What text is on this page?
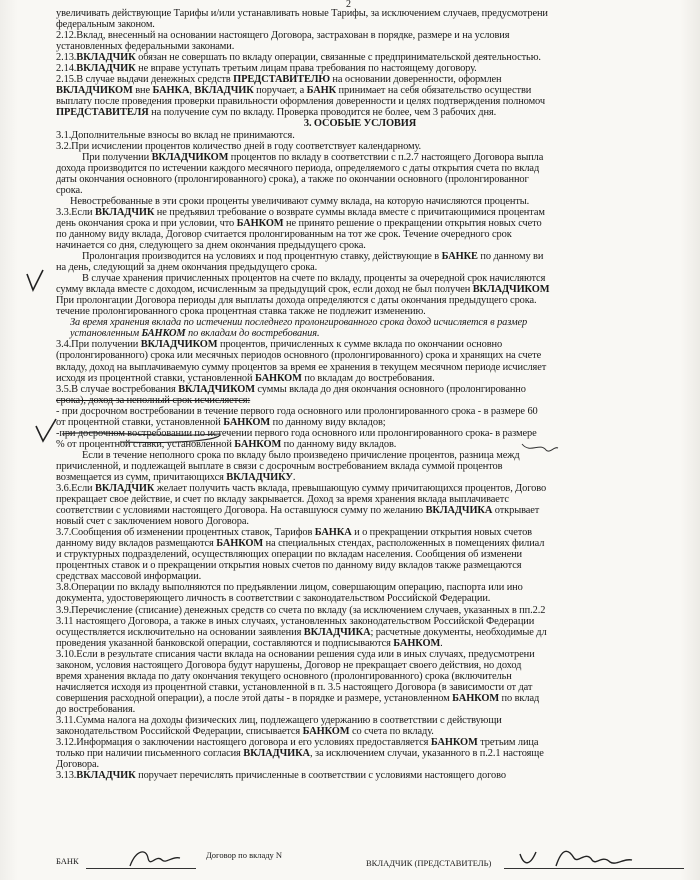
2
увеличивать действующие Тарифы и/или устанавливать новые Тарифы, за исключением случаев, предусмотрени
федеральным законом.
2.12.Вклад, внесенный на основании настоящего Договора, застрахован в порядке, размере и на условия
установленных федеральными законами.
2.13.ВКЛАДЧИК обязан не совершать по вкладу операции, связанные с предпринимательской деятельностью.
2.14.ВКЛАДЧИК не вправе уступать третьим лицам права требования по настоящему договору.
2.15.В случае выдачи денежных средств ПРЕДСТАВИТЕЛЮ на основании доверенности, оформлен
ВКЛАДЧИКОМ вне БАНКА, ВКЛАДЧИК поручает, а БАНК принимает на себя обязательство осуществи
выплату после проведения проверки правильности оформления доверенности и целях подтверждения полномоч
ПРЕДСТАВИТЕЛЯ на получение сум по вкладу. Проверка проводится не более, чем 3 рабочих дня.
3. ОСОБЫЕ УСЛОВИЯ
3.1.Дополнительные взносы во вклад не принимаются.
3.2.При исчислении процентов количество дней в году соответствует календарному.
При получении ВКЛАДЧИКОМ процентов по вкладу в соответствии с п.2.7 настоящего Договора выпла
дохода производится по истечении каждого месячного периода, определяемого с даты открытия счета по вклад
даты окончания основного (пролонгированного) срока), а также по окончании основного (пролонгированног
срока.
Невостребованные в эти сроки проценты увеличивают сумму вклада, на которую начисляются проценты.
3.3.Если ВКЛАДЧИК не предъявил требование о возврате суммы вклада вместе с причитающимися процентам
день окончания срока и при условии, что БАНКОМ не принято решение о прекращении открытия новых счето
по данному виду вклада, Договор считается пролонгированным на тот же срок. Течение очередного срок
начинается со дня, следующего за днем окончания предыдущего срока.
Пролонгация производится на условиях и под процентную ставку, действующие в БАНКЕ по данному ви
на день, следующий за днем окончания предыдущего срока.
В случае хранения причисленных процентов на счете по вкладу, проценты за очередной срок начисляются
сумму вклада вместе с доходом, исчисленным за предыдущий срок, если доход не был получен ВКЛАДЧИКОМ
При пролонгации Договора периоды для выплаты дохода определяются с даты окончания предыдущего срока.
течение пролонгированного срока процентная ставка также не подлежит изменению.
За время хранения вклада по истечении последнего пролонгированного срока доход исчисляется в размер
установленным БАНКОМ по вкладам до востребования.
3.4.При получении ВКЛАДЧИКОМ процентов, причисленных к сумме вклада по окончании основно
(пролонгированного) срока или месячных периодов основного (пролонгированного) срока и хранящих на счете
вкладу, доход на выплачиваемую сумму процентов за время ее хранения в текущем месячном периоде исчисляет
исходя из процентной ставки, установленной БАНКОМ по вкладам до востребования.
3.5.В случае востребования ВКЛАДЧИКОМ суммы вклада до дня окончания основного (пролонгированно
срока), доход за неполный срок исчисляется:
- при досрочном востребовании в течение первого года основного или пролонгированного срока - в размере 60
от процентной ставки, установленной БАНКОМ по данному виду вкладов;
-при досрочном востребовании по истечении первого года основного или пролонгированного срока- в размере
% от процентной ставки, установленной БАНКОМ по данному виду вкладов.
Если в течение неполного срока по вкладу было произведено причисление процентов, разница межд
причисленной, и подлежащей выплате в связи с досрочным востребованием вклада суммой процентов
возмещается из сумм, причитающихся ВКЛАДЧИКУ.
3.6.Если ВКЛАДЧИК желает получить часть вклада, превышающую сумму причитающихся процентов, Догово
прекращает свое действие, и счет по вкладу закрывается. Доход за время хранения вклада выплачиваетс
соответствии с условиями настоящего Договора. На оставшуюся сумму по желанию ВКЛАДЧИКА открывает
новый счет с заключением нового Договора.
3.7.Сообщения об изменении процентных ставок, Тарифов БАНКА и о прекращении открытия новых счетов
данному виду вкладов размещаются БАНКОМ на специальных стендах, расположенных в помещениях филиал
и структурных подразделений, осуществляющих операции по вкладам населения. Сообщения об изменени
процентных ставок и о прекращении открытия новых счетов по данному виду вкладов также размещаются
средствах массовой информации.
3.8.Операции по вкладу выполняются по предъявлении лицом, совершающим операцию, паспорта или ино
документа, удостоверяющего личность в соответствии с законодательством Российской Федерации.
3.9.Перечисление (списание) денежных средств со счета по вкладу (за исключением случаев, указанных в пп.2.2
3.11 настоящего Договора, а также в иных случаях, установленных законодательством Российской Федерации
осуществляется исключительно на основании заявления ВКЛАДЧИКА; расчетные документы, необходимые дл
проведения указанной банковской операции, составляются и подписываются БАНКОМ.
3.10.Если в результате списания части вклада на основании решения суда или в иных случаях, предусмотрени
законом, условия настоящего Договора будут нарушены, Договор не прекращает своего действия, но доход
время хранения вклада по дату окончания текущего основного (пролонгированного) срока (включительн
начисляется исходя из процентной ставки, установленной в п. 3.5 настоящего Договора (в зависимости от дат
совершения расходной операции), а после этой даты - в порядке и размере, установленном БАНКОМ по вклад
до востребования.
3.11.Сумма налога на доходы физических лиц, подлежащего удержанию в соответствии с действующи
законодательством Российской Федерации, списывается БАНКОМ со счета по вкладу.
3.12.Информация о заключении настоящего договора и его условиях предоставляется БАНКОМ третьим лица
только при наличии письменного согласия ВКЛАДЧИКА, за исключением случаи, указанного в п.2.1 настояще
Договора.
3.13.ВКЛАДЧИК поручает перечислять причисленные в соответствии с условиями настоящего догово
БАНК
Договор по вкладу N
ВКЛАДЧИК (ПРЕДСТАВИТЕЛЬ)
